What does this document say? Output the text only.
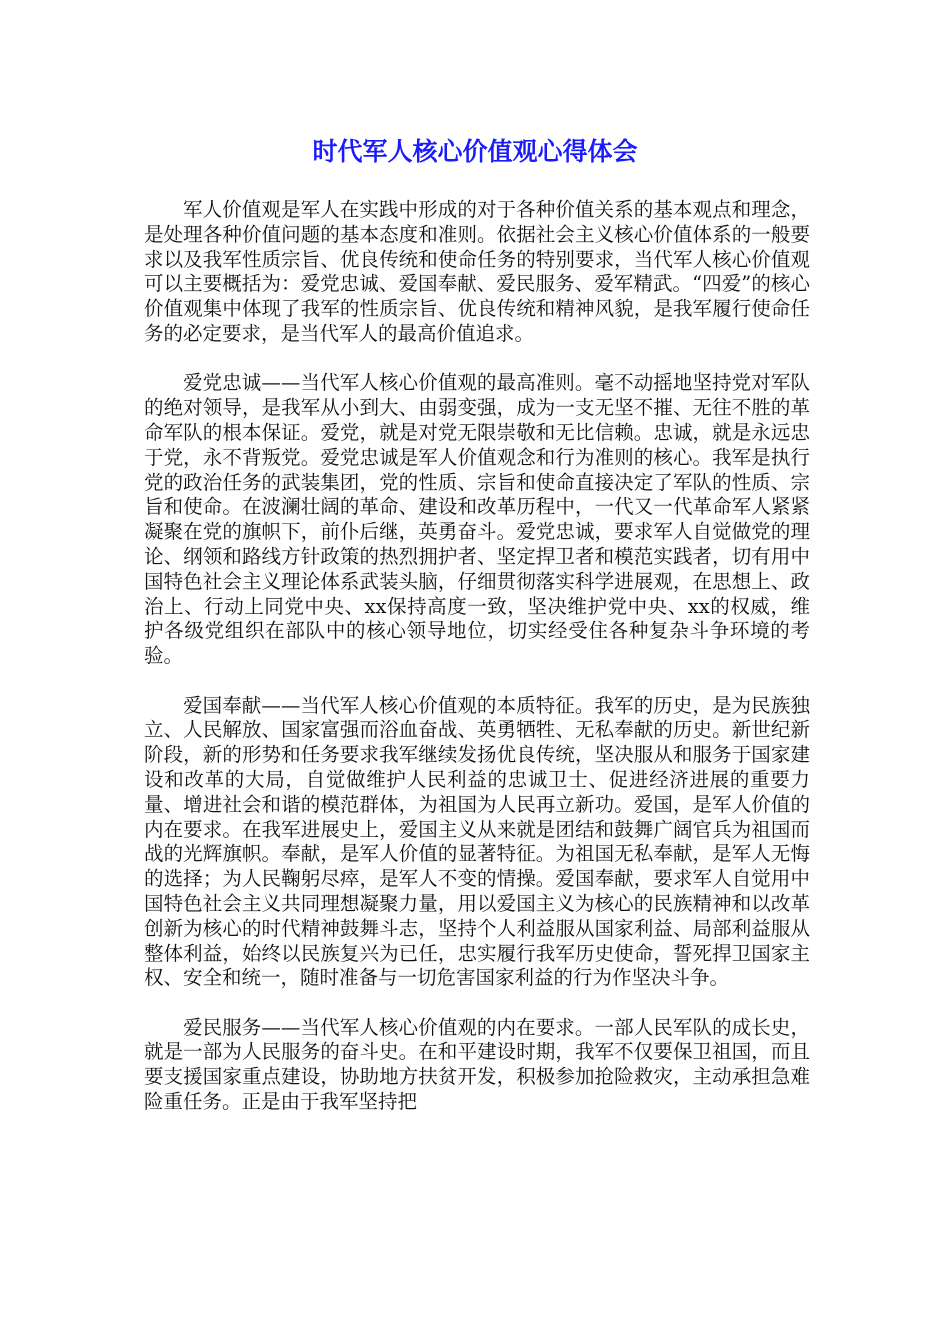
时代军人核心价值观心得体会

军人价值观是军人在实践中形成的对于各种价值关系的基本观点和理念，是处理各种价值问题的基本态度和准则。依据社会主义核心价值体系的一般要求以及我军性质宗旨、优良传统和使命任务的特别要求，当代军人核心价值观可以主要概括为：爱党忠诚、爱国奉献、爱民服务、爱军精武。“四爱”的核心价值观集中体现了我军的性质宗旨、优良传统和精神风貌，是我军履行使命任务的必定要求，是当代军人的最高价值追求。

爱党忠诚——当代军人核心价值观的最高准则。毫不动摇地坚持党对军队的绝对领导，是我军从小到大、由弱变强，成为一支无坚不摧、无往不胜的革命军队的根本保证。爱党，就是对党无限崇敬和无比信赖。忠诚，就是永远忠于党，永不背叛党。爱党忠诚是军人价值观念和行为准则的核心。我军是执行党的政治任务的武装集团，党的性质、宗旨和使命直接决定了军队的性质、宗旨和使命。在波澜壮阔的革命、建设和改革历程中，一代又一代革命军人紧紧凝聚在党的旗帜下，前仆后继，英勇奋斗。爱党忠诚，要求军人自觉做党的理论、纲领和路线方针政策的热烈拥护者、坚定捍卫者和模范实践者，切有用中国特色社会主义理论体系武装头脑，仔细贯彻落实科学进展观，在思想上、政治上、行动上同党中央、xx保持高度一致，坚决维护党中央、xx的权威，维护各级党组织在部队中的核心领导地位，切实经受住各种复杂斗争环境的考验。

爱国奉献——当代军人核心价值观的本质特征。我军的历史，是为民族独立、人民解放、国家富强而浴血奋战、英勇牺牲、无私奉献的历史。新世纪新阶段，新的形势和任务要求我军继续发扬优良传统，坚决服从和服务于国家建设和改革的大局，自觉做维护人民利益的忠诚卫士、促进经济进展的重要力量、增进社会和谐的模范群体，为祖国为人民再立新功。爱国，是军人价值的内在要求。在我军进展史上，爱国主义从来就是团结和鼓舞广阔官兵为祖国而战的光辉旗帜。奉献，是军人价值的显著特征。为祖国无私奉献，是军人无悔的选择；为人民鞠躬尽瘁，是军人不变的情操。爱国奉献，要求军人自觉用中国特色社会主义共同理想凝聚力量，用以爱国主义为核心的民族精神和以改革创新为核心的时代精神鼓舞斗志，坚持个人利益服从国家利益、局部利益服从整体利益，始终以民族复兴为已任，忠实履行我军历史使命，誓死捍卫国家主权、安全和统一，随时准备与一切危害国家利益的行为作坚决斗争。

爱民服务——当代军人核心价值观的内在要求。一部人民军队的成长史，就是一部为人民服务的奋斗史。在和平建设时期，我军不仅要保卫祖国，而且要支援国家重点建设，协助地方扶贫开发，积极参加抢险救灾，主动承担急难险重任务。正是由于我军坚持把
